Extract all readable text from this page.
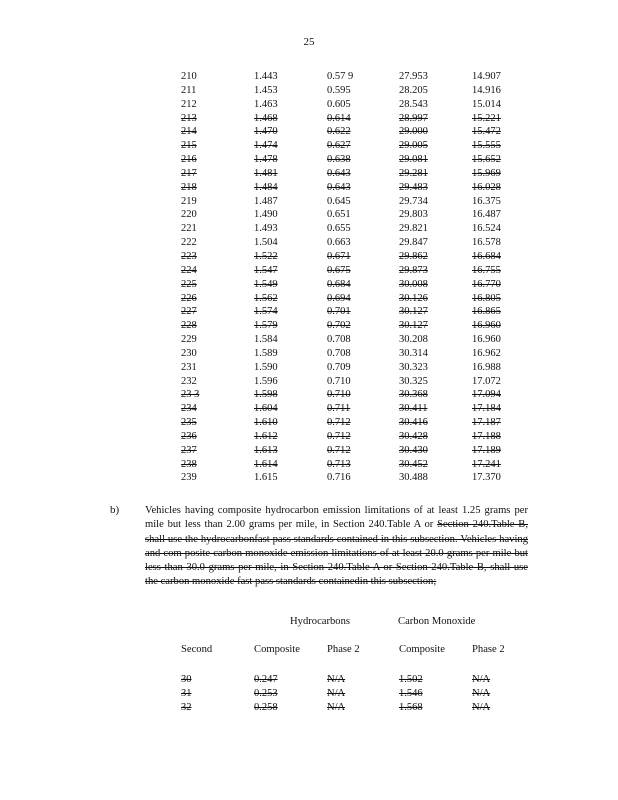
25
210	1.443	0.57 9	27.953	14.907
211	1.453	0.595	28.205	14.916
212	1.463	0.605	28.543	15.014
213	1.468	0.614	28.997	15.221
214	1.470	0.622	29.000	15.472
215	1.474	0.627	29.005	15.555
216	1.478	0.638	29.081	15.652
217	1.481	0.643	29.281	15.969
218	1.484	0.643	29.483	16.028
219	1.487	0.645	29.734	16.375
220	1.490	0.651	29.803	16.487
221	1.493	0.655	29.821	16.524
222	1.504	0.663	29.847	16.578
223	1.522	0.671	29.862	16.684
224	1.547	0.675	29.873	16.755
225	1.549	0.684	30.008	16.770
226	1.562	0.694	30.126	16.805
227	1.574	0.701	30.127	16.865
228	1.579	0.702	30.127	16.960
229	1.584	0.708	30.208	16.960
230	1.589	0.708	30.314	16.962
231	1.590	0.709	30.323	16.988
232	1.596	0.710	30.325	17.072
23 3	1.598	0.710	30.368	17.094
234	1.604	0.711	30.411	17.184
235	1.610	0.712	30.416	17.187
236	1.612	0.712	30.428	17.188
237	1.613	0.712	30.430	17.189
238	1.614	0.713	30.452	17.241
239	1.615	0.716	30.488	17.370
b) Vehicles having composite hydrocarbon emission limitations of at least 1.25 grams per mile but less than 2.00 grams per mile, in Section 240.Table A or Section 240.Table B, shall use the hydrocarbonfast pass standards contained in this subsection. Vehicles having and com posite carbon monoxide emission limitations of at least 20.0 grams per mile but less than 30.0 grams per mile, in Section 240.Table A or Section 240.Table B, shall use the carbon monoxide fast pass standards containedin this subsection;
Hydrocarbons	Carbon Monoxide
Second	Composite	Phase 2	Composite	Phase 2
30	0.247	N/A	1.502	N/A
31	0.253	N/A	1.546	N/A
32	0.258	N/A	1.568	N/A
